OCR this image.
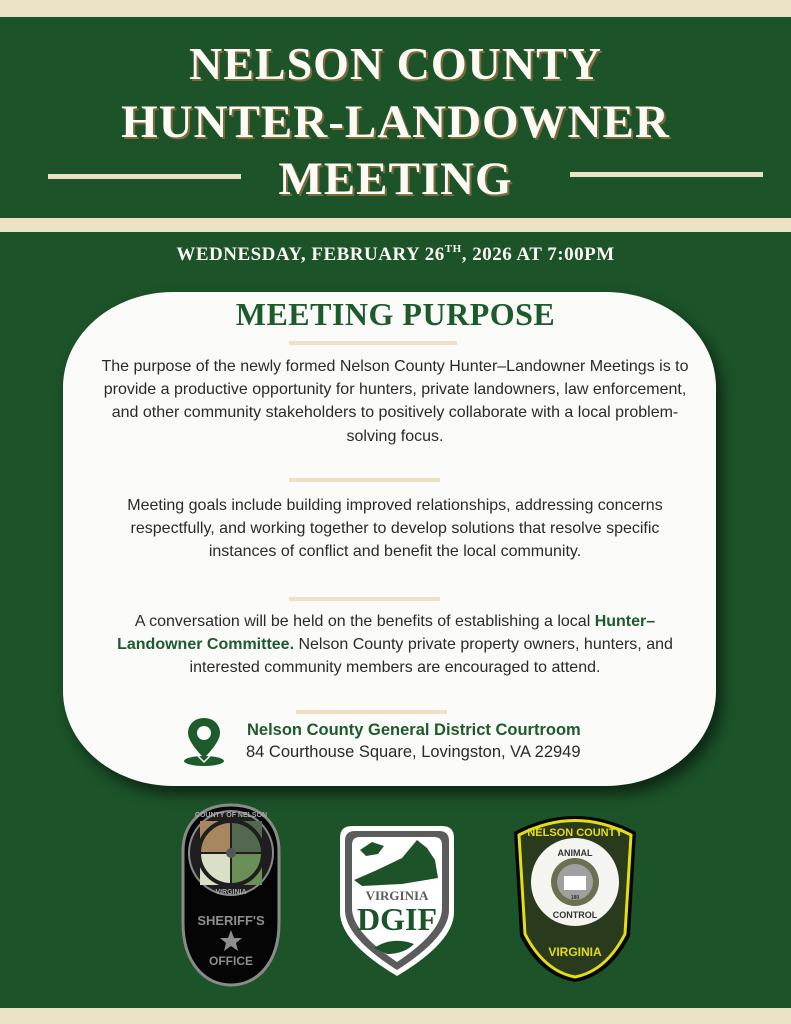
NELSON COUNTY
HUNTER-LANDOWNER
MEETING
WEDNESDAY, FEBRUARY 26TH, 2026 AT 7:00PM
MEETING PURPOSE
The purpose of the newly formed Nelson County Hunter–Landowner Meetings is to provide a productive opportunity for hunters, private landowners, law enforcement, and other community stakeholders to positively collaborate with a local problem-solving focus.
Meeting goals include building improved relationships, addressing concerns respectfully, and working together to develop solutions that resolve specific instances of conflict and benefit the local community.
A conversation will be held on the benefits of establishing a local Hunter–Landowner Committee. Nelson County private property owners, hunters, and interested community members are encouraged to attend.
Nelson County General District Courtroom
84 Courthouse Square, Lovingston, VA 22949
COUNTY OF NELSON
VIRGINIA
SHERIFF'S
OFFICE
VIRGINIA
DGIF
NELSON COUNTY
ANIMAL
180
CONTROL
VIRGINIA
